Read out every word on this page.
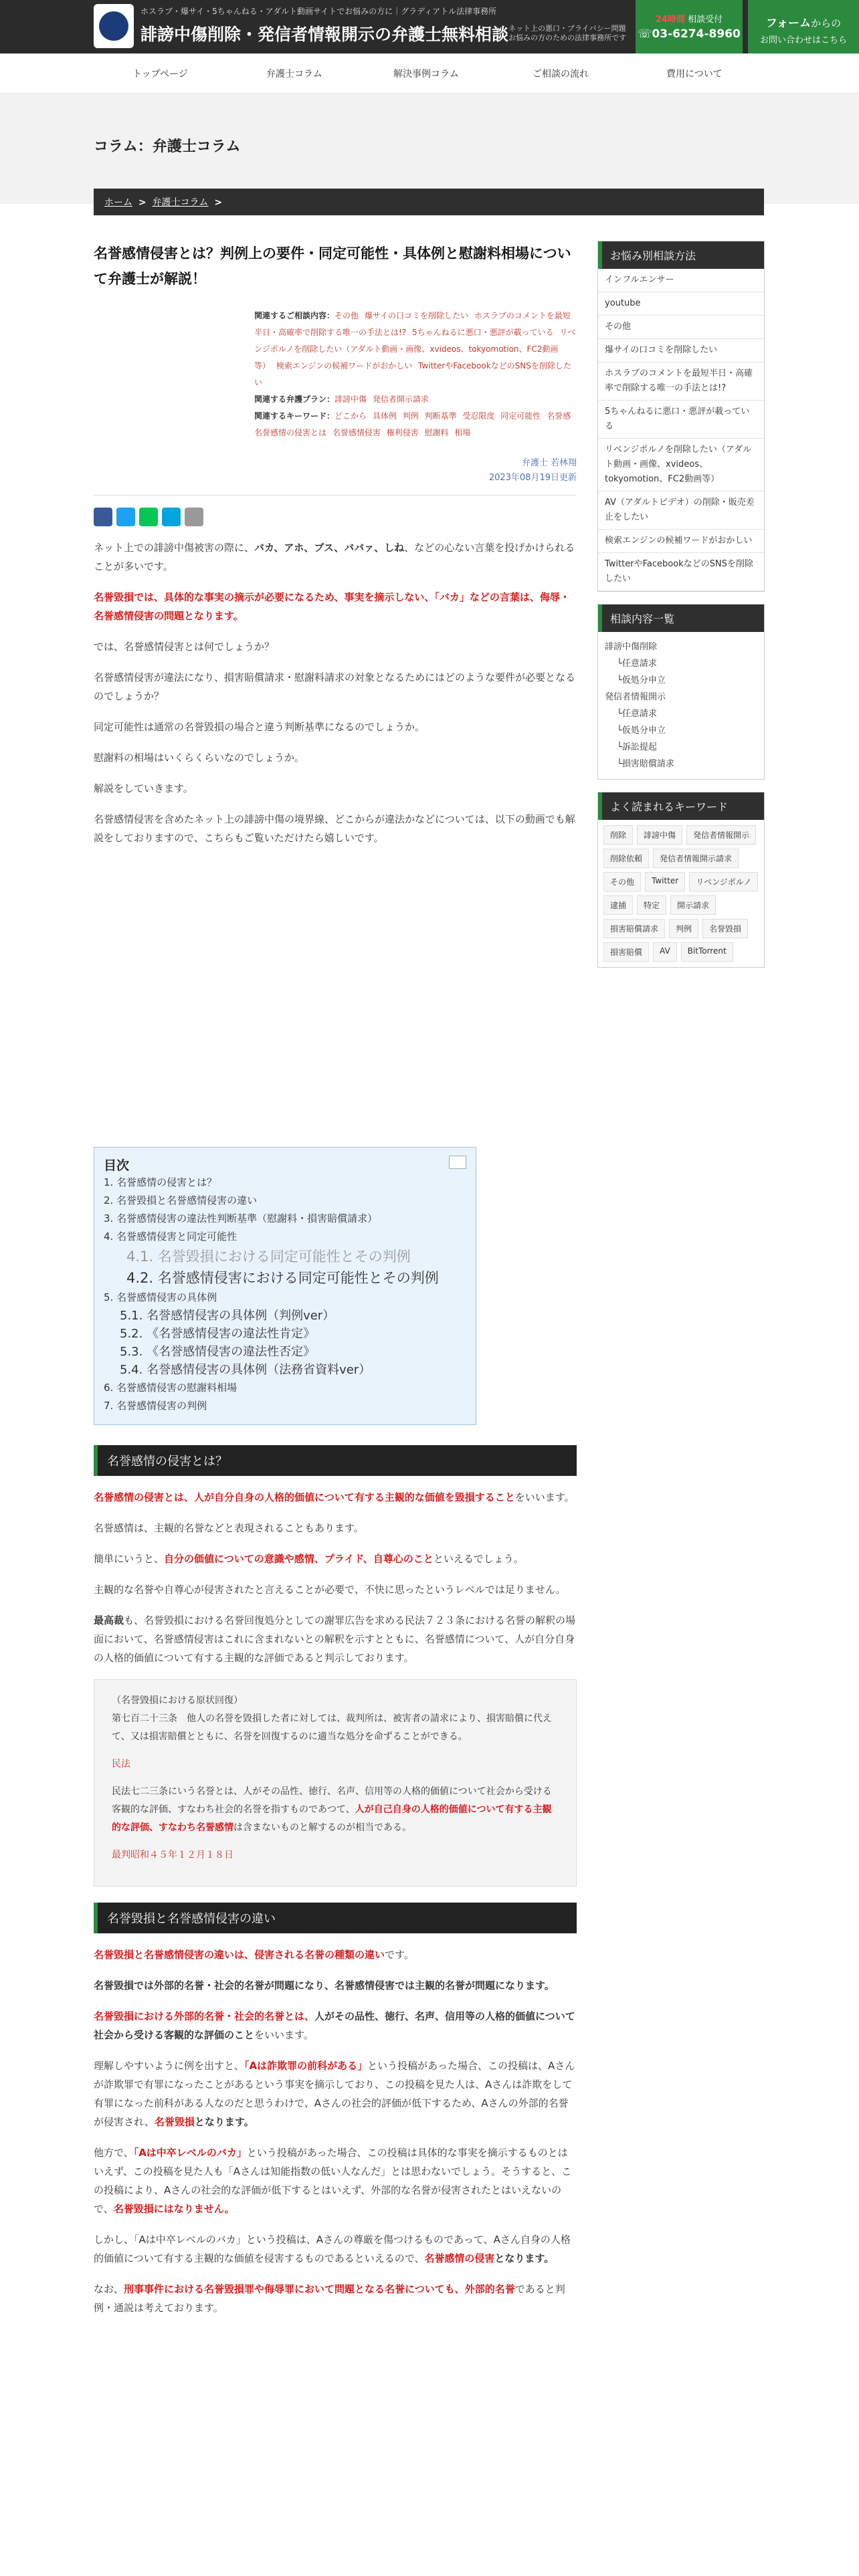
ホスラブ・爆サイ・5ちゃんねる・アダルト動画サイトでお悩みの方に｜グラディアトル法律事務所
誹謗中傷削除・発信者情報開示の弁護士無料相談 ネット上の悪口・プライバシー問題
お悩みの方のための法律事務所です
24時間 相談受付
☏03-6274-8960
フォームからの
お問い合わせはこちら
トップページ	弁護士コラム	解決事例コラム	ご相談の流れ	費用について
コラム：弁護士コラム
ホーム > 弁護士コラム >
名誉感情侵害とは？判例上の要件・同定可能性・具体例と慰謝料相場について弁護士が解説！
関連するご相談内容：その他 爆サイの口コミを削除したい ホスラブのコメントを最短半日・高確率で削除する唯一の手法とは!? 5ちゃんねるに悪口・悪評が載っている リベンジポルノを削除したい（アダルト動画・画像、xvideos、tokyomotion、FC2動画等） 検索エンジンの候補ワードがおかしい TwitterやFacebookなどのSNSを削除したい
関連する弁護プラン：誹謗中傷 発信者開示請求
関連するキーワード：どこから 具体例 判例 判断基準 受忍限度 同定可能性 名誉感 名誉感情の侵害とは 名誉感情侵害 権利侵害 慰謝料 相場
弁護士 若林翔
2023年08月19日更新

ネット上での誹謗中傷被害の際に、バカ、アホ、ブス、ババァ、しね、などの心ない言葉を投げかけられることが多いです。

名誉毀損では、具体的な事実の摘示が必要になるため、事実を摘示しない、「バカ」などの言葉は、侮辱・名誉感情侵害の問題となります。

では、名誉感情侵害とは何でしょうか？

名誉感情侵害が違法になり、損害賠償請求・慰謝料請求の対象となるためにはどのような要件が必要となるのでしょうか？

同定可能性は通常の名誉毀損の場合と違う判断基準になるのでしょうか。

慰謝料の相場はいくらくらいなのでしょうか。

解説をしていきます。

名誉感情侵害を含めたネット上の誹謗中傷の境界線、どこからが違法かなどについては、以下の動画でも解説をしておりますので、こちらもご覧いただけたら嬉しいです。

目次
1. 名誉感情の侵害とは？
2. 名誉毀損と名誉感情侵害の違い
3. 名誉感情侵害の違法性判断基準（慰謝料・損害賠償請求）
4. 名誉感情侵害と同定可能性
4.1. 名誉毀損における同定可能性とその判例
4.2. 名誉感情侵害における同定可能性とその判例
5. 名誉感情侵害の具体例
5.1. 名誉感情侵害の具体例（判例ver）
5.2. 《名誉感情侵害の違法性肯定》
5.3. 《名誉感情侵害の違法性否定》
5.4. 名誉感情侵害の具体例（法務省資料ver）
6. 名誉感情侵害の慰謝料相場
7. 名誉感情侵害の判例
名誉感情の侵害とは？

名誉感情の侵害とは、人が自分自身の人格的価値について有する主観的な価値を毀損することをいいます。

名誉感情は、主観的名誉などと表現されることもあります。

簡単にいうと、自分の価値についての意識や感情、プライド、自尊心のことといえるでしょう。

主観的な名誉や自尊心が侵害されたと言えることが必要で、不快に思ったというレベルでは足りません。

最高裁も、名誉毀損における名誉回復処分としての謝罪広告を求める民法７２３条における名誉の解釈の場面において、名誉感情侵害はこれに含まれないとの解釈を示すとともに、名誉感情について、人が自分自身の人格的価値について有する主観的な評価であると判示しております。

（名誉毀損における原状回復）
第七百二十三条　他人の名誉を毀損した者に対しては、裁判所は、被害者の請求により、損害賠償に代えて、又は損害賠償とともに、名誉を回復するのに適当な処分を命ずることができる。
民法
民法七二三条にいう名誉とは、人がその品性、徳行、名声、信用等の人格的価値について社会から受ける客観的な評価、すなわち社会的名誉を指すものであつて、人が自己自身の人格的価値について有する主観的な評価、すなわち名誉感情は含まないものと解するのが相当である。
最判昭和４５年１２月１８日
名誉毀損と名誉感情侵害の違い

名誉毀損と名誉感情侵害の違いは、侵害される名誉の種類の違いです。

名誉毀損では外部的名誉・社会的名誉が問題になり、名誉感情侵害では主観的名誉が問題になります。

名誉毀損における外部的名誉・社会的名誉とは、人がその品性、徳行、名声、信用等の人格的価値について社会から受ける客観的な評価のことをいいます。

理解しやすいように例を出すと、「Aは詐欺罪の前科がある」という投稿があった場合、この投稿は、Aさんが詐欺罪で有罪になったことがあるという事実を摘示しており、この投稿を見た人は、Aさんは詐欺をして有罪になった前科がある人なのだと思うわけで、Aさんの社会的評価が低下するため、Aさんの外部的名誉が侵害され、名誉毀損となります。

他方で、「Aは中卒レベルのバカ」という投稿があった場合、この投稿は具体的な事実を摘示するものとはいえず、この投稿を見た人も「Aさんは知能指数の低い人なんだ」とは思わないでしょう。そうすると、この投稿により、Aさんの社会的な評価が低下するとはいえず、外部的な名誉が侵害されたとはいえないので、名誉毀損にはなりません。

しかし、「Aは中卒レベルのバカ」という投稿は、Aさんの尊厳を傷つけるものであって、Aさん自身の人格的価値について有する主観的な価値を侵害するものであるといえるので、名誉感情の侵害となります。

なお、刑事事件における名誉毀損罪や侮辱罪において問題となる名誉についても、外部的名誉であると判例・通説は考えております。

お悩み別相談方法
インフルエンサー
youtube
その他
爆サイの口コミを削除したい
ホスラブのコメントを最短半日・高確率で削除する唯一の手法とは!?
5ちゃんねるに悪口・悪評が載っている
リベンジポルノを削除したい（アダルト動画・画像、xvideos、tokyomotion、FC2動画等）
AV（アダルトビデオ）の削除・販売差止をしたい
検索エンジンの候補ワードがおかしい
TwitterやFacebookなどのSNSを削除したい
相談内容一覧
誹謗中傷削除
└任意請求
└仮処分申立
発信者情報開示
└任意請求
└仮処分申立
└訴訟提起
└損害賠償請求
よく読まれるキーワード
削除	誹謗中傷	発信者情報開示
削除依頼	発信者情報開示請求
その他	Twitter	リベンジポルノ
逮捕	特定	開示請求
損害賠償請求	判例	名誉毀損
損害賠償	AV	BitTorrent
